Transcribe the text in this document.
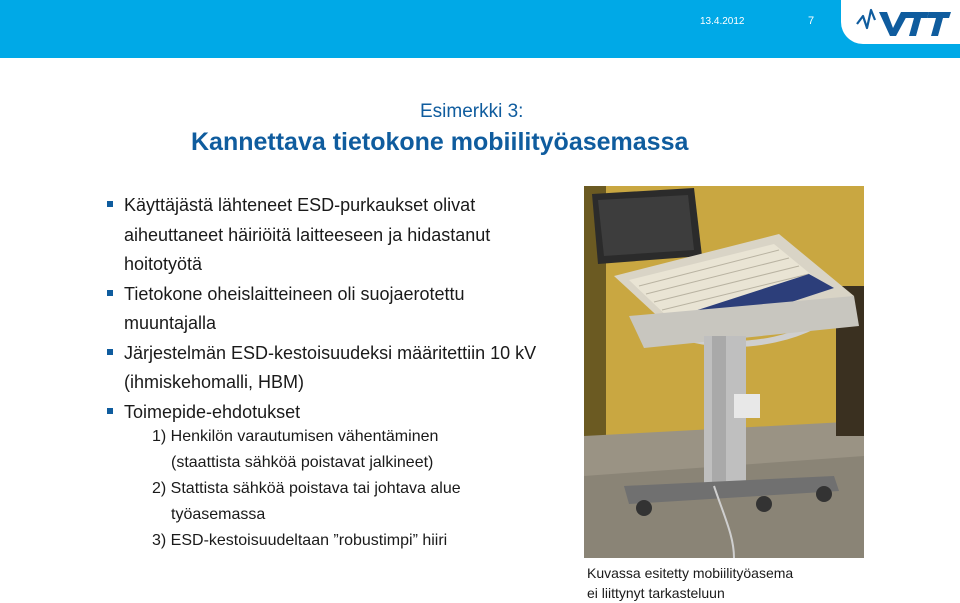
13.4.2012	7
Esimerkki 3:
Kannettava tietokone mobiilityöasemassa
Käyttäjästä lähteneet ESD-purkaukset olivat aiheuttaneet häiriöitä laitteeseen ja hidastanut hoitotyötä
Tietokone oheislaitteineen oli suojaerotettu muuntajalla
Järjestelmän ESD-kestoisuudeksi määritettiin 10 kV (ihmiskehomalli, HBM)
Toimepide-ehdotukset
1) Henkilön varautumisen vähentäminen
(staattista sähköä poistavat jalkineet)
2) Stattista sähköä poistava tai johtava alue
työasemassa
3) ESD-kestoisuudeltaan ”robustimpi” hiiri
Kuvassa esitetty mobiilityöasema
ei liittynyt tarkasteluun
